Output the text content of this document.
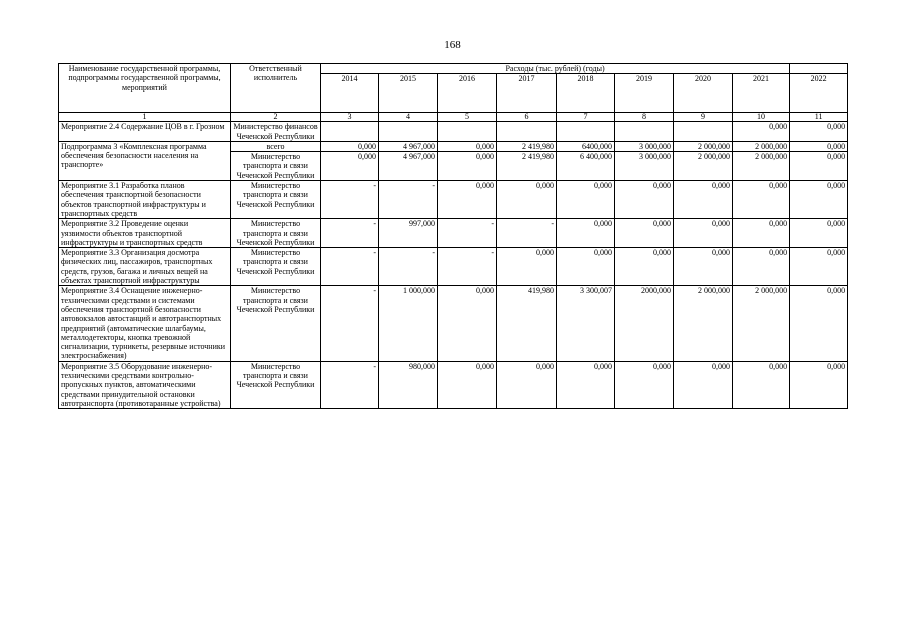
168
Наименование государственной программы, подпрограммы государственной программы, мероприятий	Ответственный исполнитель	Расходы (тыс. рублей) (годы)								
		2014	2015	2016	2017	2018	2019	2020	2021	2022
1	2	3	4	5	6	7	8	9	10	11
Мероприятие 2.4 Содержание ЦОВ в г. Грозном	Министерство финансов Чеченской Республики								0,000	0,000
Подпрограмма 3 «Комплексная программа обеспечения безопасности населения на транспорте»	всего	0,000	4 967,000	0,000	2 419,980	6400,000	3 000,000	2 000,000	2 000,000	0,000
	Министерство транспорта и связи Чеченской Республики	0,000	4 967,000	0,000	2 419,980	6 400,000	3 000,000	2 000,000	2 000,000	0,000
Мероприятие 3.1 Разработка планов обеспечения транспортной безопасности объектов транспортной инфраструктуры и транспортных средств	Министерство транспорта и связи Чеченской Республики	-	-	0,000	0,000	0,000	0,000	0,000	0,000	0,000
Мероприятие 3.2 Проведение оценки уязвимости объектов транспортной инфраструктуры и транспортных средств	Министерство транспорта и связи Чеченской Республики	-	997,000	-	-	0,000	0,000	0,000	0,000	0,000
Мероприятие 3.3 Организация досмотра физических лиц, пассажиров, транспортных средств, грузов, багажа и личных вещей на объектах транспортной инфраструктуры	Министерство транспорта и связи Чеченской Республики	-	-	-	0,000	0,000	0,000	0,000	0,000	0,000
Мероприятие 3.4 Оснащение инженерно-техническими средствами и системами обеспечения транспортной безопасности автовокзалов автостанций и автотранспортных предприятий (автоматические шлагбаумы, металлодетекторы, кнопка тревожной сигнализации, турникеты, резервные источники электроснабжения)	Министерство транспорта и связи Чеченской Республики	-	1 000,000	0,000	419,980	3 300,007	2000,000	2 000,000	2 000,000	0,000
Мероприятие 3.5 Оборудование инженерно-техническими средствами контрольно-пропускных пунктов, автоматическими средствами принудительной остановки автотранспорта (противотаранные устройства)	Министерство транспорта и связи Чеченской Республики	-	980,000	0,000	0,000	0,000	0,000	0,000	0,000	0,000
